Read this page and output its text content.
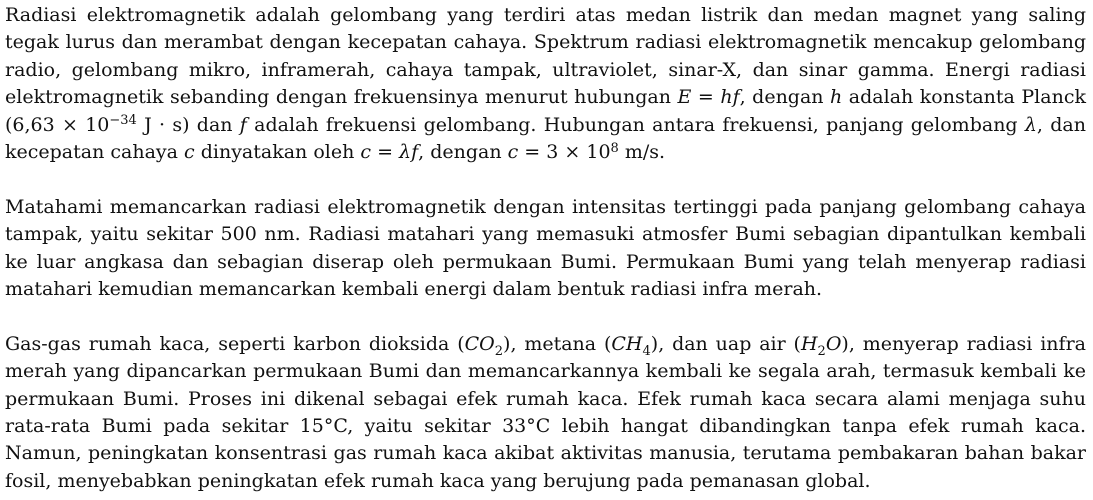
Radiasi elektromagnetik adalah gelombang yang terdiri atas medan listrik dan medan magnet yang saling tegak lurus dan merambat dengan kecepatan cahaya. Spektrum radiasi elektromagnetik mencakup gelombang radio, gelombang mikro, inframerah, cahaya tampak, ultraviolet, sinar-X, dan sinar gamma. Energi radiasi elektromagnetik sebanding dengan frekuensinya menurut hubungan E = hf, dengan h adalah konstanta Planck ($6,63 \times 10^{-34}$ J · s) dan f adalah frekuensi gelombang. Hubungan antara frekuensi, panjang gelombang λ, dan kecepatan cahaya c dinyatakan oleh c = λf, dengan $c = 3 \times 10^8$ m/s.

Matahami memancarkan radiasi elektromagnetik dengan intensitas tertinggi pada panjang gelombang cahaya tampak, yaitu sekitar 500 nm. Radiasi matahari yang memasuki atmosfer Bumi sebagian dipantulkan kembali ke luar angkasa dan sebagian diserap oleh permukaan Bumi. Permukaan Bumi yang telah menyerap radiasi matahari kemudian memancarkan kembali energi dalam bentuk radiasi infra merah.

Gas-gas rumah kaca, seperti karbon dioksida $(CO_2)$, metana $(CH_4)$, dan uap air $(H_2O)$, menyerap radiasi infra merah yang dipancarkan permukaan Bumi dan memancarkannya kembali ke segala arah, termasuk kembali ke permukaan Bumi. Proses ini dikenal sebagai efek rumah kaca. Efek rumah kaca secara alami menjaga suhu rata-rata Bumi pada sekitar 15°C, yaitu sekitar 33°C lebih hangat dibandingkan tanpa efek rumah kaca. Namun, peningkatan konsentrasi gas rumah kaca akibat aktivitas manusia, terutama pembakaran bahan bakar fosil, menyebabkan peningkatan efek rumah kaca yang berujung pada pemanasan global.
